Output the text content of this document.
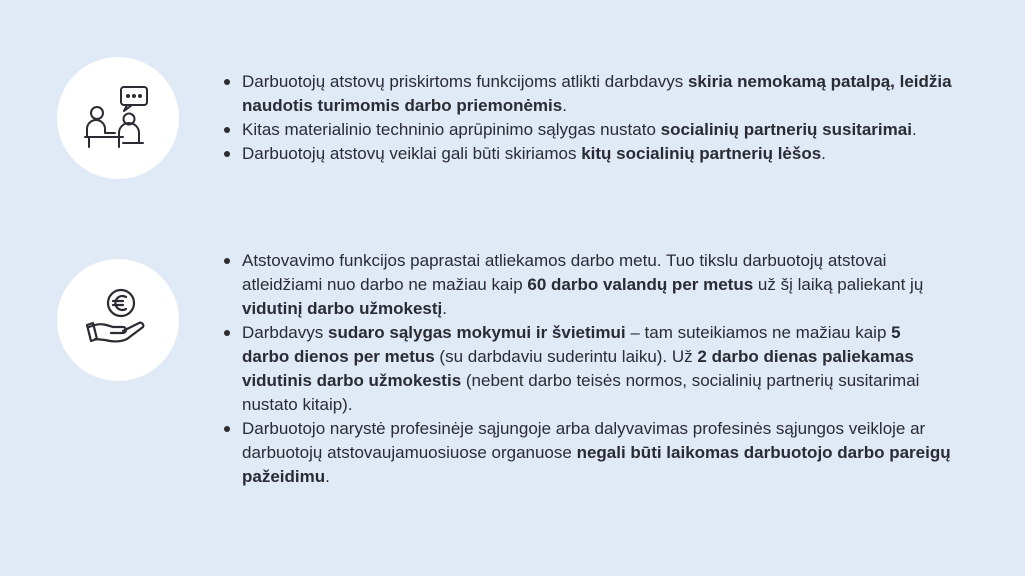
Darbuotojų atstovų priskirtoms funkcijoms atlikti darbdavys skiria nemokamą patalpą, leidžia naudotis turimomis darbo priemonėmis.
Kitas materialinio techninio aprūpinimo sąlygas nustato socialinių partnerių susitarimai.
Darbuotojų atstovų veiklai gali būti skiriamos kitų socialinių partnerių lėšos.
Atstovavimo funkcijos paprastai atliekamos darbo metu. Tuo tikslu darbuotojų atstovai atleidžiami nuo darbo ne mažiau kaip 60 darbo valandų per metus už šį laiką paliekant jų vidutinį darbo užmokestį.
Darbdavys sudaro sąlygas mokymui ir švietimui – tam suteikiamos ne mažiau kaip 5 darbo dienos per metus (su darbdaviu suderintu laiku). Už 2 darbo dienas paliekamas vidutinis darbo užmokestis (nebent darbo teisės normos, socialinių partnerių susitarimai nustato kitaip).
Darbuotojo narystė profesinėje sąjungoje arba dalyvavimas profesinės sąjungos veikloje ar darbuotojų atstovaujamuosiuose organuose negali būti laikomas darbuotojo darbo pareigų pažeidimu.
